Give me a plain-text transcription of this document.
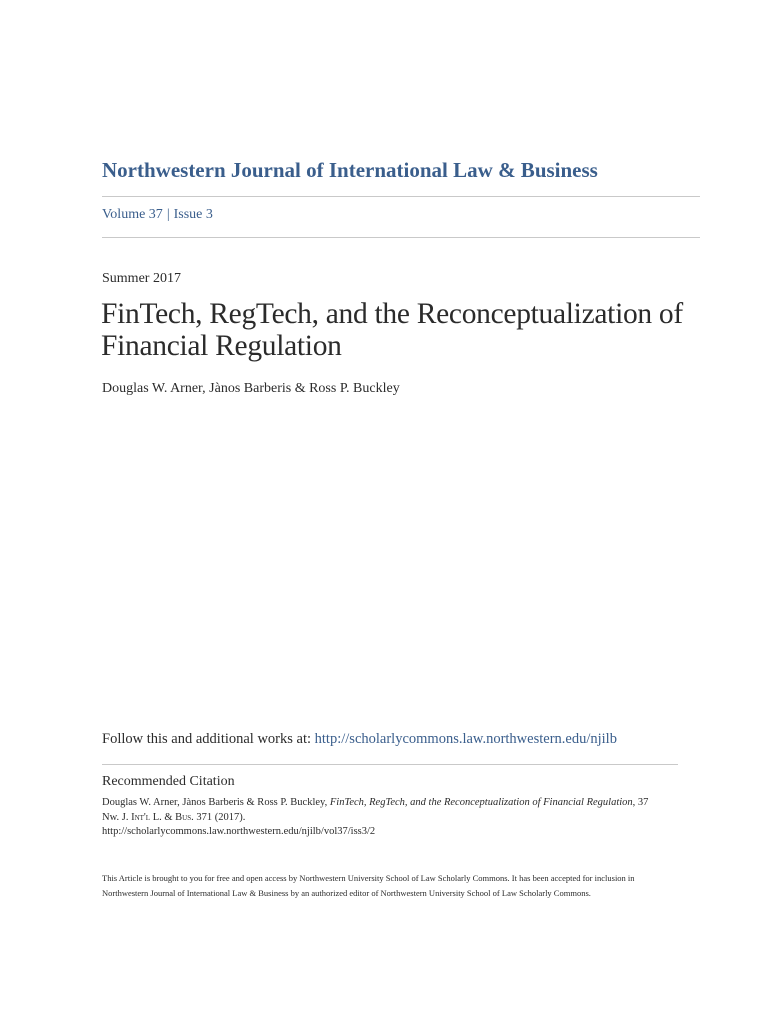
Northwestern Journal of International Law & Business
Volume 37 | Issue 3
Summer 2017
FinTech, RegTech, and the Reconceptualization of
Financial Regulation
Douglas W. Arner, Jànos Barberis & Ross P. Buckley
Follow this and additional works at: http://scholarlycommons.law.northwestern.edu/njilb
Recommended Citation
Douglas W. Arner, Jànos Barberis & Ross P. Buckley, FinTech, RegTech, and the Reconceptualization of Financial Regulation, 37 Nw. J. Int'l L. & Bus. 371 (2017).
http://scholarlycommons.law.northwestern.edu/njilb/vol37/iss3/2
This Article is brought to you for free and open access by Northwestern University School of Law Scholarly Commons. It has been accepted for inclusion in Northwestern Journal of International Law & Business by an authorized editor of Northwestern University School of Law Scholarly Commons.
